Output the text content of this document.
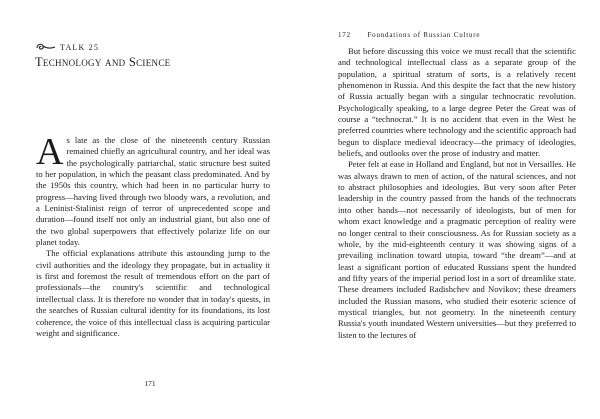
TALK 25
Technology and Science

As late as the close of the nineteenth century Russian remained chiefly an agricultural country, and her ideal was the psychologically patriarchal, static structure best suited to her population, in which the peasant class predominated. And by the 1950s this country, which had been in no particular hurry to progress—having lived through two bloody wars, a revolution, and a Leninist-Stalinist reign of terror of unprecedented scope and duration—found itself not only an industrial giant, but also one of the two global superpowers that effectively polarize life on our planet today.

The official explanations attribute this astounding jump to the civil authorities and the ideology they propagate, but in actuality it is first and foremost the result of tremendous effort on the part of professionals—the country's scientific and technological intellectual class. It is therefore no wonder that in today's quests, in the searches of Russian cultural identity for its foundations, its lost coherence, the voice of this intellectual class is acquiring particular weight and significance.

171
172 Foundations of Russian Culture

But before discussing this voice we must recall that the scientific and technological intellectual class as a separate group of the population, a spiritual stratum of sorts, is a relatively recent phenomenon in Russia. And this despite the fact that the new history of Russia actually began with a singular technocratic revolution. Psychologically speaking, to a large degree Peter the Great was of course a “technocrat.” It is no accident that even in the West he preferred countries where technology and the scientific approach had begun to displace medieval ideocracy—the primacy of ideologies, beliefs, and outlooks over the prose of industry and matter.

Peter felt at ease in Holland and England, but not in Versailles. He was always drawn to men of action, of the natural sciences, and not to abstract philosophies and ideologies. But very soon after Peter leadership in the country passed from the hands of the technocrats into other hands—not necessarily of ideologists, but of men for whom exact knowledge and a pragmatic perception of reality were no longer central to their consciousness. As for Russian society as a whole, by the mid-eighteenth century it was showing signs of a prevailing inclination toward utopia, toward “the dream”—and at least a significant portion of educated Russians spent the hundred and fifty years of the imperial period lost in a sort of dreamlike state. These dreamers included Radishchev and Novikov; these dreamers included the Russian masons, who studied their esoteric science of mystical triangles, but not geometry. In the nineteenth century Russia's youth inundated Western universities—but they preferred to listen to the lectures of
